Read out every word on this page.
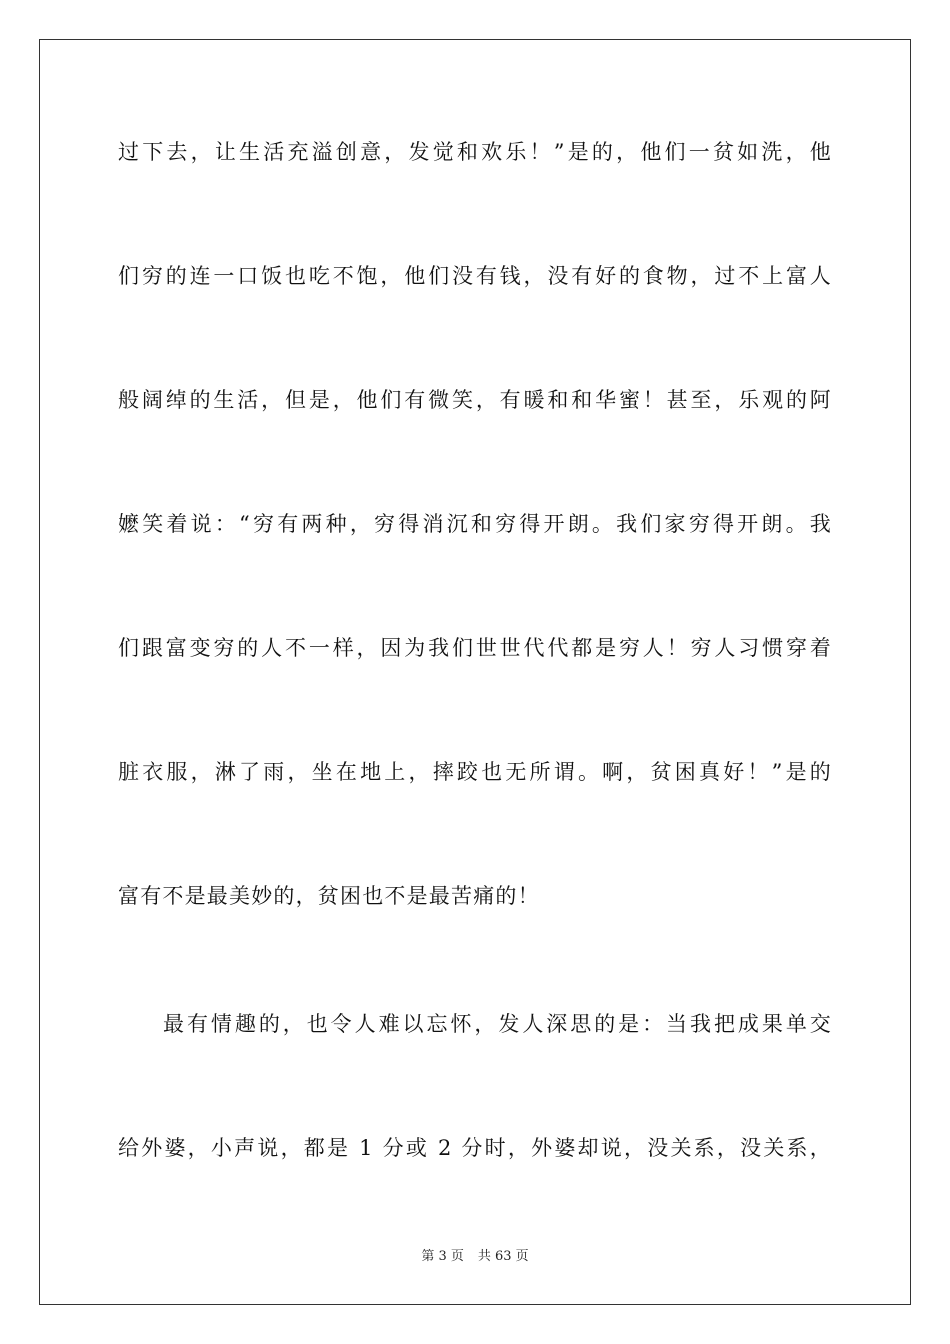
过下去，让生活充溢创意，发觉和欢乐！”是的，他们一贫如洗，他
们穷的连一口饭也吃不饱，他们没有钱，没有好的食物，过不上富人
般阔绰的生活，但是，他们有微笑，有暖和和华蜜！甚至，乐观的阿
嬷笑着说：“穷有两种，穷得消沉和穷得开朗。我们家穷得开朗。我
们跟富变穷的人不一样，因为我们世世代代都是穷人！穷人习惯穿着
脏衣服，淋了雨，坐在地上，摔跤也无所谓。啊，贫困真好！”是的
富有不是最美妙的，贫困也不是最苦痛的！
最有情趣的，也令人难以忘怀，发人深思的是：当我把成果单交
给外婆，小声说，都是 1 分或 2 分时，外婆却说，没关系，没关系，
第 3 页 共 63 页
